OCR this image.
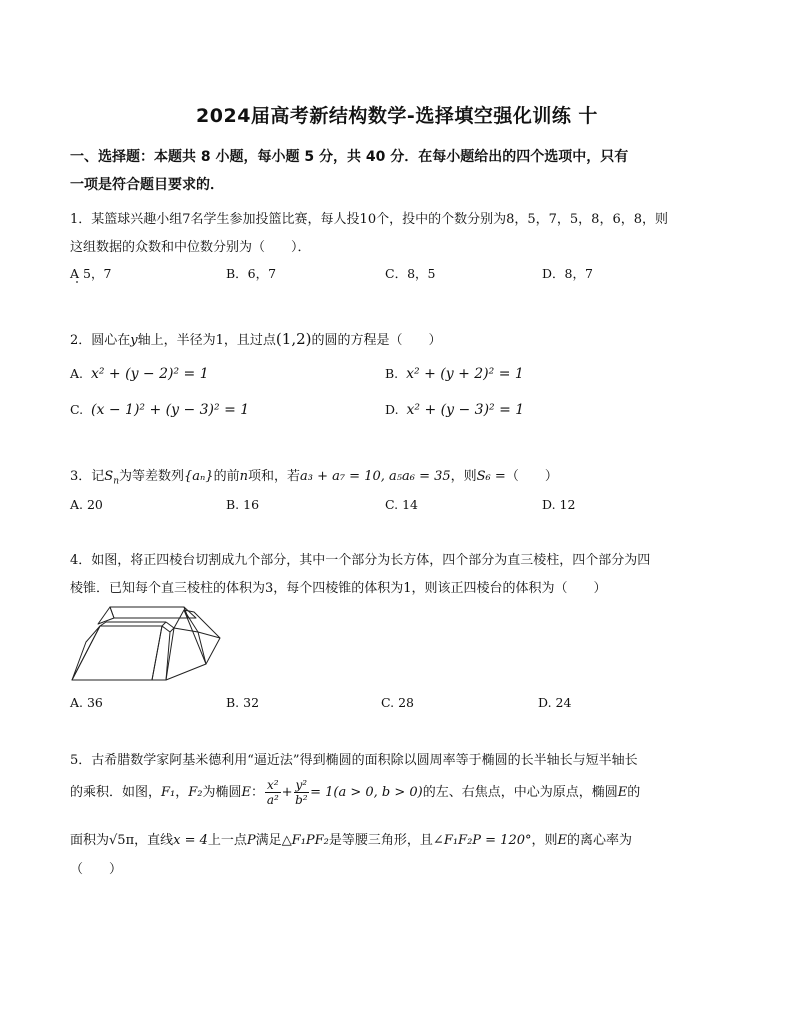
2024届高考新结构数学-选择填空强化训练 十
一、选择题：本题共 8 小题，每小题 5 分，共 40 分．在每小题给出的四个选项中，只有
一项是符合题目要求的．
1．某篮球兴趣小组7名学生参加投篮比赛，每人投10个，投中的个数分别为8，5，7，5，8，6，8，则
这组数据的众数和中位数分别为（　　）．
A 5，7	B．6，7	C．8，5	D．8，7
2．圆心在y轴上，半径为1，且过点(1,2)的圆的方程是（　　）
A. x² + (y − 2)² = 1	B. x² + (y + 2)² = 1
C. (x − 1)² + (y − 3)² = 1	D. x² + (y − 3)² = 1
3．记$S_n$为等差数列{aₙ}的前n项和，若a₃ + a₇ = 10, a₅a₆ = 35，则S₆ =（　　）
A. 20	B. 16	C. 14	D. 12
4．如图，将正四棱台切割成九个部分，其中一个部分为长方体，四个部分为直三棱柱，四个部分为四
棱锥．已知每个直三棱柱的体积为3，每个四棱锥的体积为1，则该正四棱台的体积为（　　）
A. 36	B. 32	C. 28	D. 24
5．古希腊数学家阿基米德利用“逼近法”得到椭圆的面积除以圆周率等于椭圆的长半轴长与短半轴长
的乘积．如图，F₁，F₂为椭圆E： $\frac{\text{x²}}{\text{a²}} + \frac{\text{y²}}{\text{b²}} = 1(a > 0$, b > 0)的左、右焦点，中心为原点，椭圆E的
面积为√5π，直线x = 4上一点P满足△F₁PF₂是等腰三角形，且∠F₁F₂P = 120°，则E的离心率为
（　　）
